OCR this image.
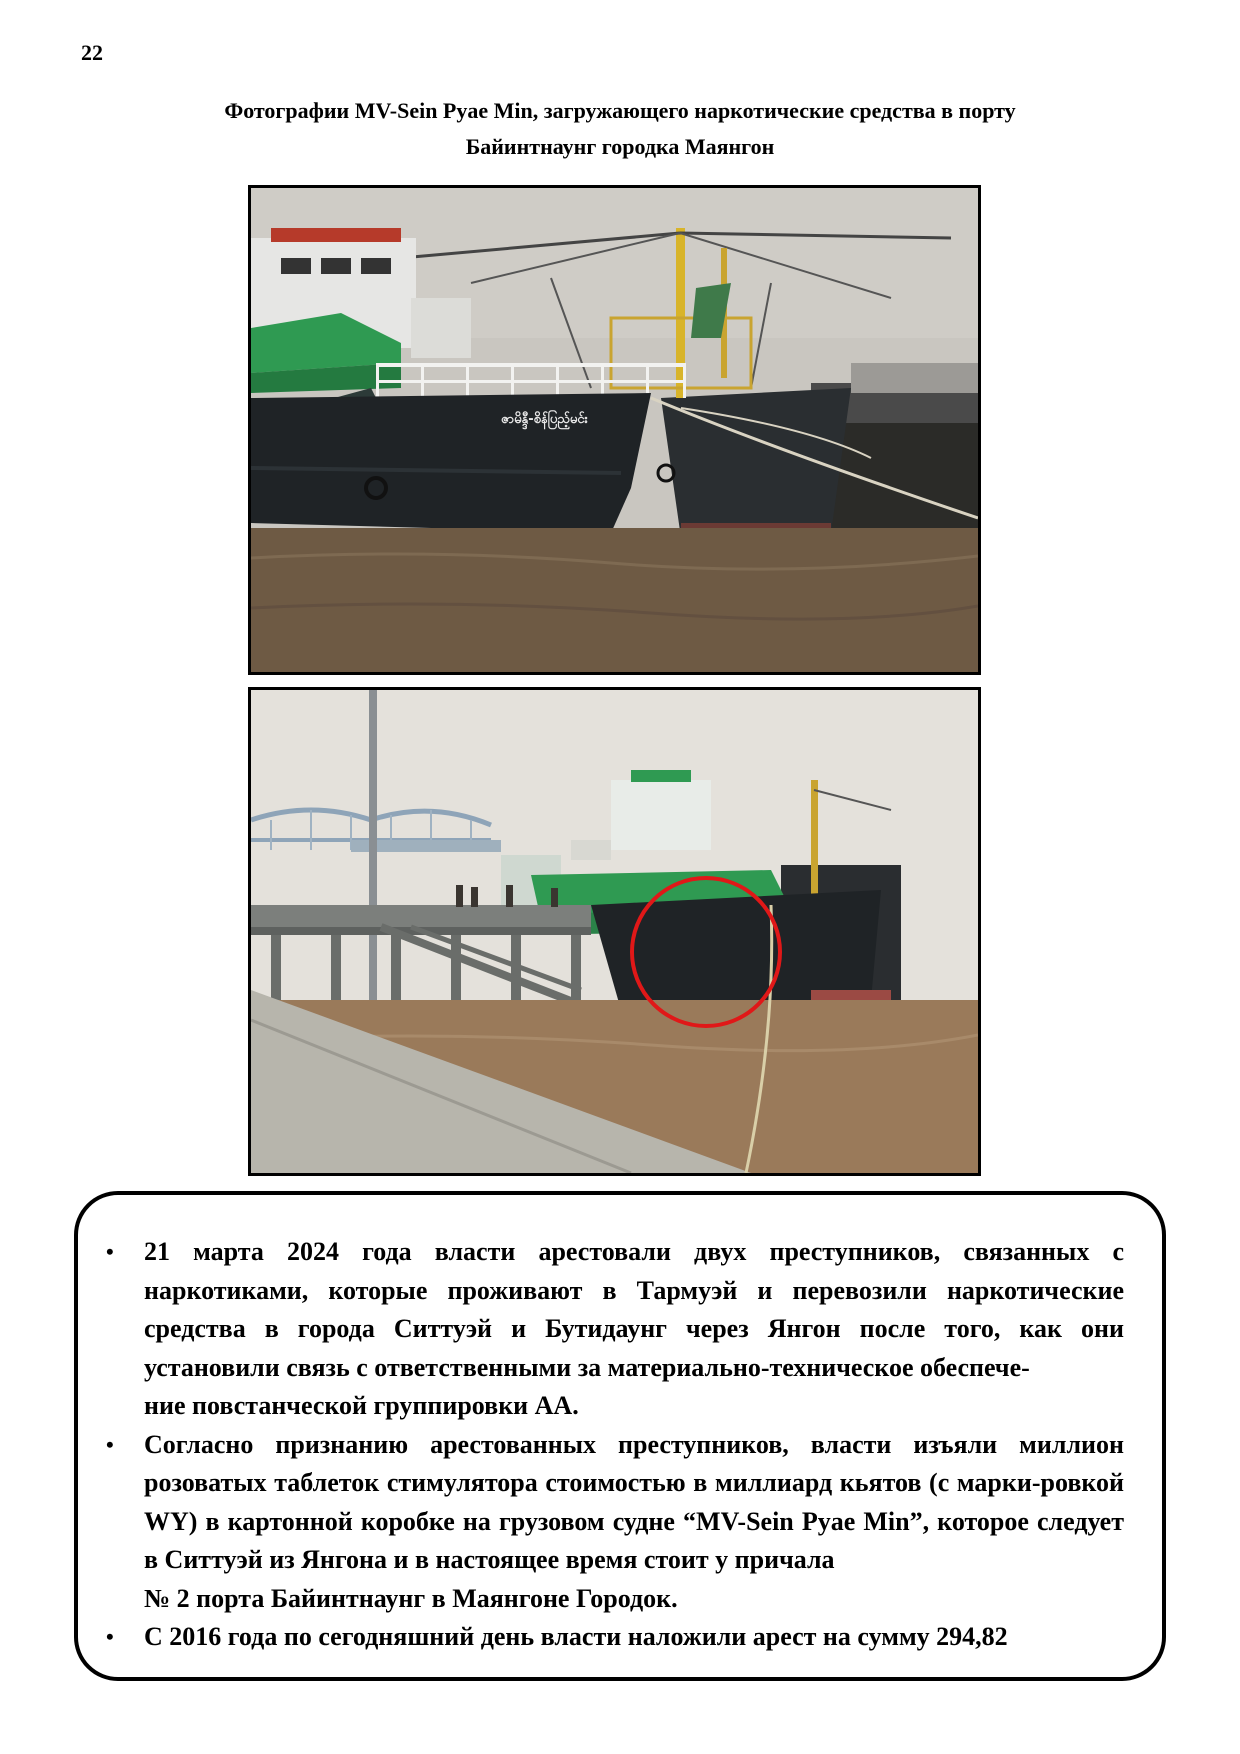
22
Фотографии MV-Sein Pyae Min, загружающего наркотические средства в порту
Байинтнаунг городка Маянгон
ဇာမိန္ဒီ-စိန်ပြည့်မင်း
• 21 марта 2024 года власти арестовали двух преступников, связанных с наркотиками, которые проживают в Тармуэй и перевозили наркотические средства в города Ситтуэй и Бутидаунг через Янгон после того, как они установили связь с ответственными за материально-техническое обеспече-
ние повстанческой группировки АА.
• Согласно признанию арестованных преступников, власти изъяли миллион розоватых таблеток стимулятора стоимостью в миллиард кьятов (с марки-ровкой WY) в картонной коробке на грузовом судне “MV-Sein Pyae Min”, которое следует в Ситтуэй из Янгона и в настоящее время стоит у причала
№ 2 порта Байинтнаунг в Маянгоне Городок.
• С 2016 года по сегодняшний день власти наложили арест на сумму 294,82
